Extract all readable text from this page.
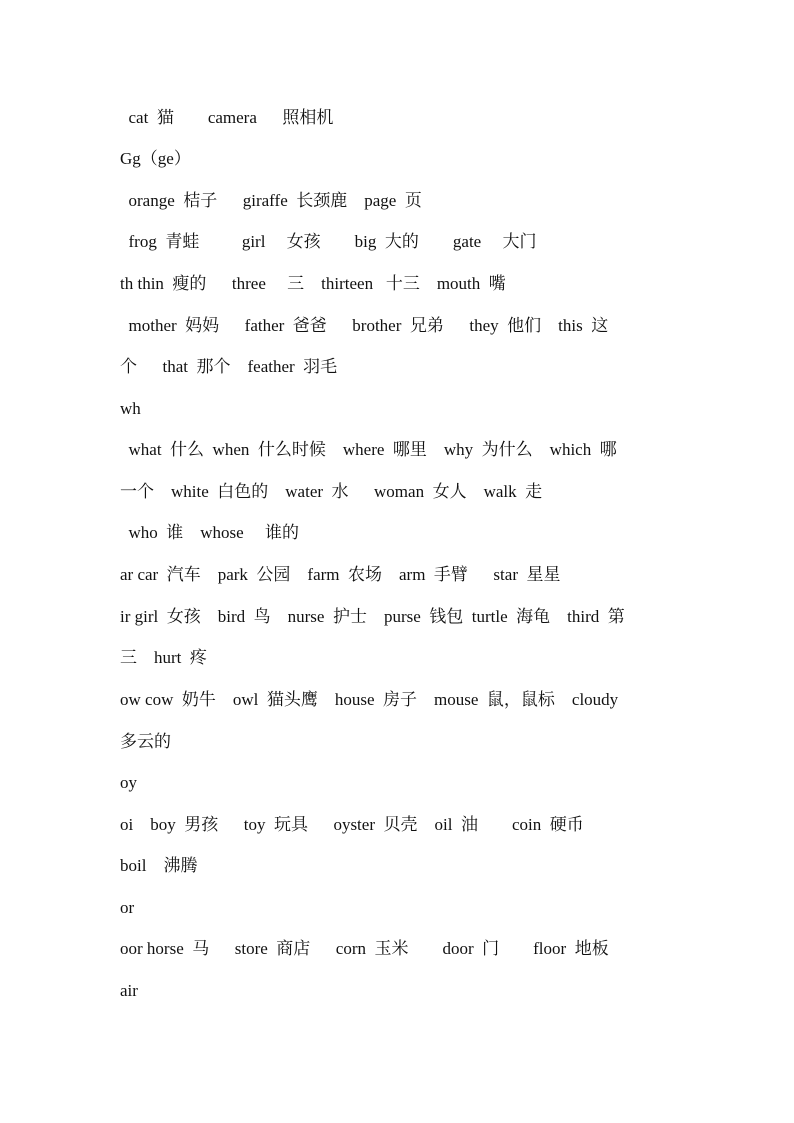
cat  猫        camera      照相机
Gg（ge）
orange  桔子      giraffe  长颈鹿    page  页
frog  青蛙          girl     女孩        big  大的        gate     大门
th thin  瘦的      three     三    thirteen   十三    mouth  嘴
mother  妈妈      father  爸爸      brother  兄弟      they  他们    this  这
个      that  那个    feather  羽毛
wh
what  什么  when  什么时候    where  哪里    why  为什么    which  哪
一个    white  白色的    water  水      woman  女人    walk  走
who  谁    whose     谁的
ar car  汽车    park  公园    farm  农场    arm  手臂      star  星星
ir girl  女孩    bird  鸟    nurse  护士    purse  钱包  turtle  海龟    third  第
三    hurt  疼
ow cow  奶牛    owl  猫头鹰    house  房子    mouse  鼠，鼠标    cloudy
多云的
oy
oi    boy  男孩      toy  玩具      oyster  贝壳    oil  油        coin  硬币
boil    沸腾
or
oor horse  马      store  商店      corn  玉米        door  门        floor  地板
air
